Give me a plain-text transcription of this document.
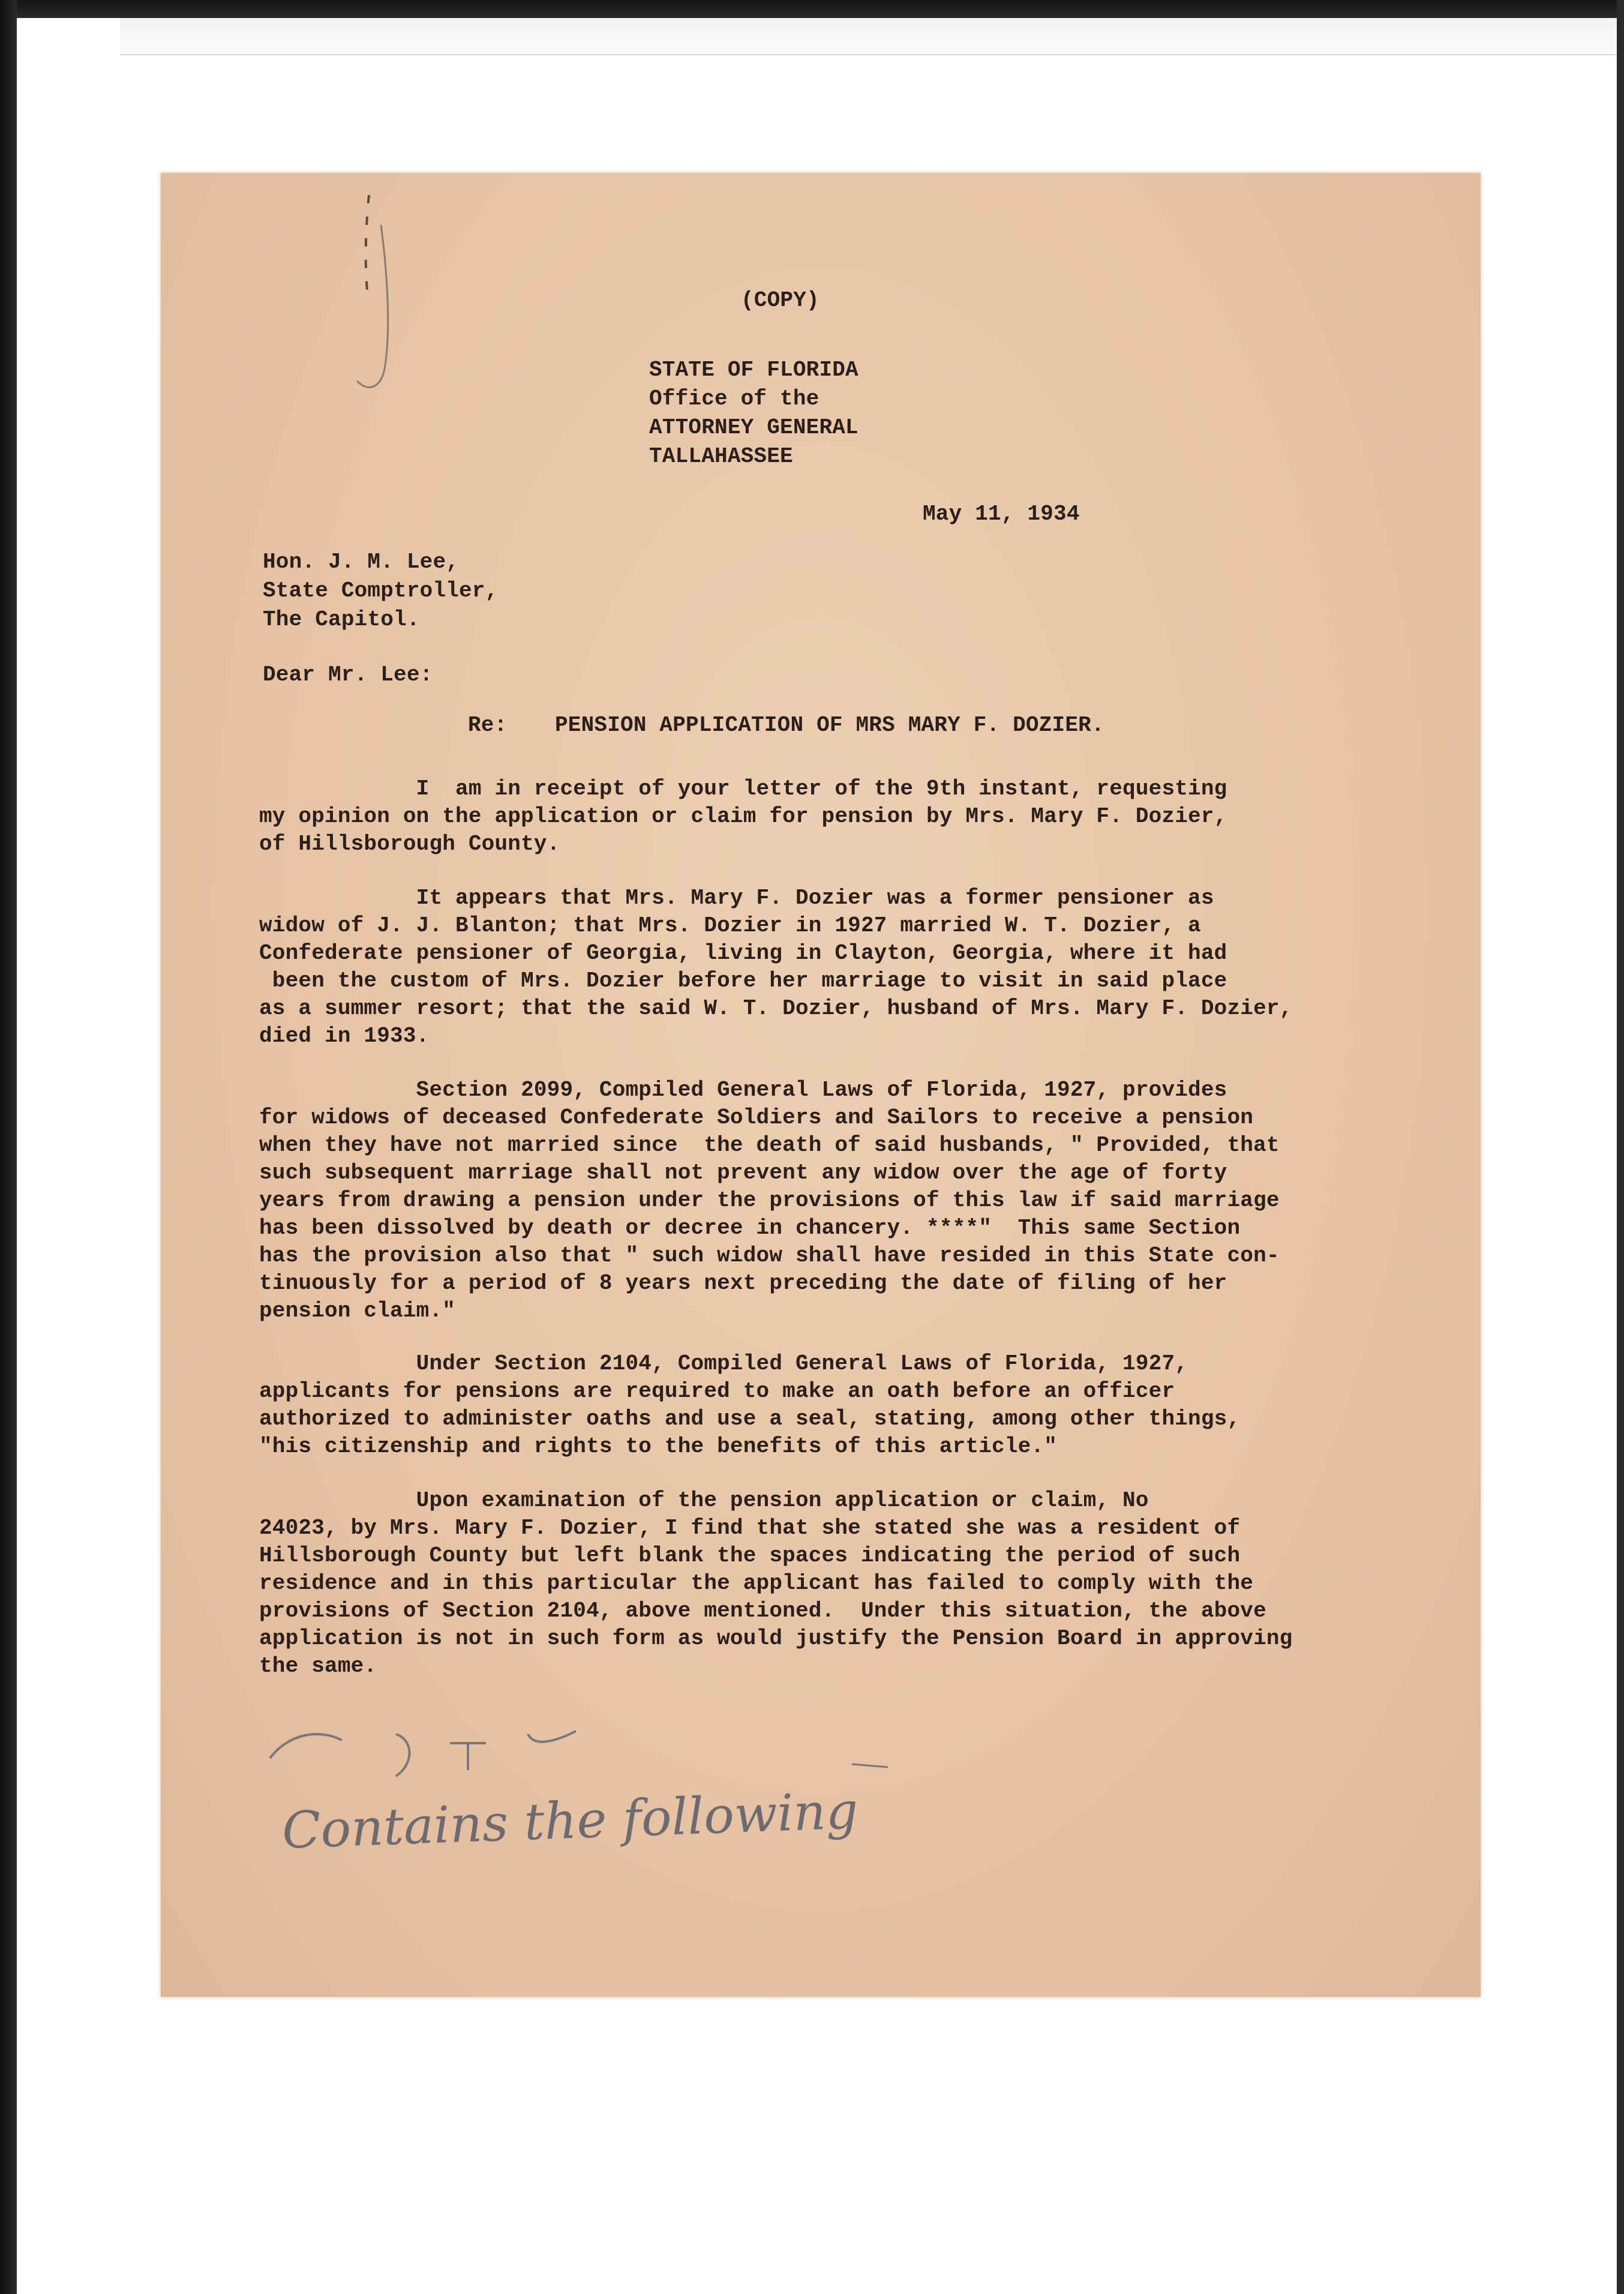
(COPY)
STATE OF FLORIDA
Office of the
ATTORNEY GENERAL
TALLAHASSEE
May 11, 1934
Hon. J. M. Lee,
State Comptroller,
The Capitol.
Dear Mr. Lee:
Re: PENSION APPLICATION OF MRS MARY F. DOZIER.
I  am in receipt of your letter of the 9th instant, requesting
my opinion on the application or claim for pension by Mrs. Mary F. Dozier,
of Hillsborough County.
It appears that Mrs. Mary F. Dozier was a former pensioner as
widow of J. J. Blanton; that Mrs. Dozier in 1927 married W. T. Dozier, a
Confederate pensioner of Georgia, living in Clayton, Georgia, where it had
been the custom of Mrs. Dozier before her marriage to visit in said place
as a summer resort; that the said W. T. Dozier, husband of Mrs. Mary F. Dozier,
died in 1933.
Section 2099, Compiled General Laws of Florida, 1927, provides
for widows of deceased Confederate Soldiers and Sailors to receive a pension
when they have not married since  the death of said husbands, " Provided, that
such subsequent marriage shall not prevent any widow over the age of forty
years from drawing a pension under the provisions of this law if said marriage
has been dissolved by death or decree in chancery. ****"  This same Section
has the provision also that " such widow shall have resided in this State con-
tinuously for a period of 8 years next preceding the date of filing of her
pension claim."
Under Section 2104, Compiled General Laws of Florida, 1927,
applicants for pensions are required to make an oath before an officer
authorized to administer oaths and use a seal, stating, among other things,
"his citizenship and rights to the benefits of this article."
Upon examination of the pension application or claim, No
24023, by Mrs. Mary F. Dozier, I find that she stated she was a resident of
Hillsborough County but left blank the spaces indicating the period of such
residence and in this particular the applicant has failed to comply with the
provisions of Section 2104, above mentioned.  Under this situation, the above
application is not in such form as would justify the Pension Board in approving
the same.
Contains the following
